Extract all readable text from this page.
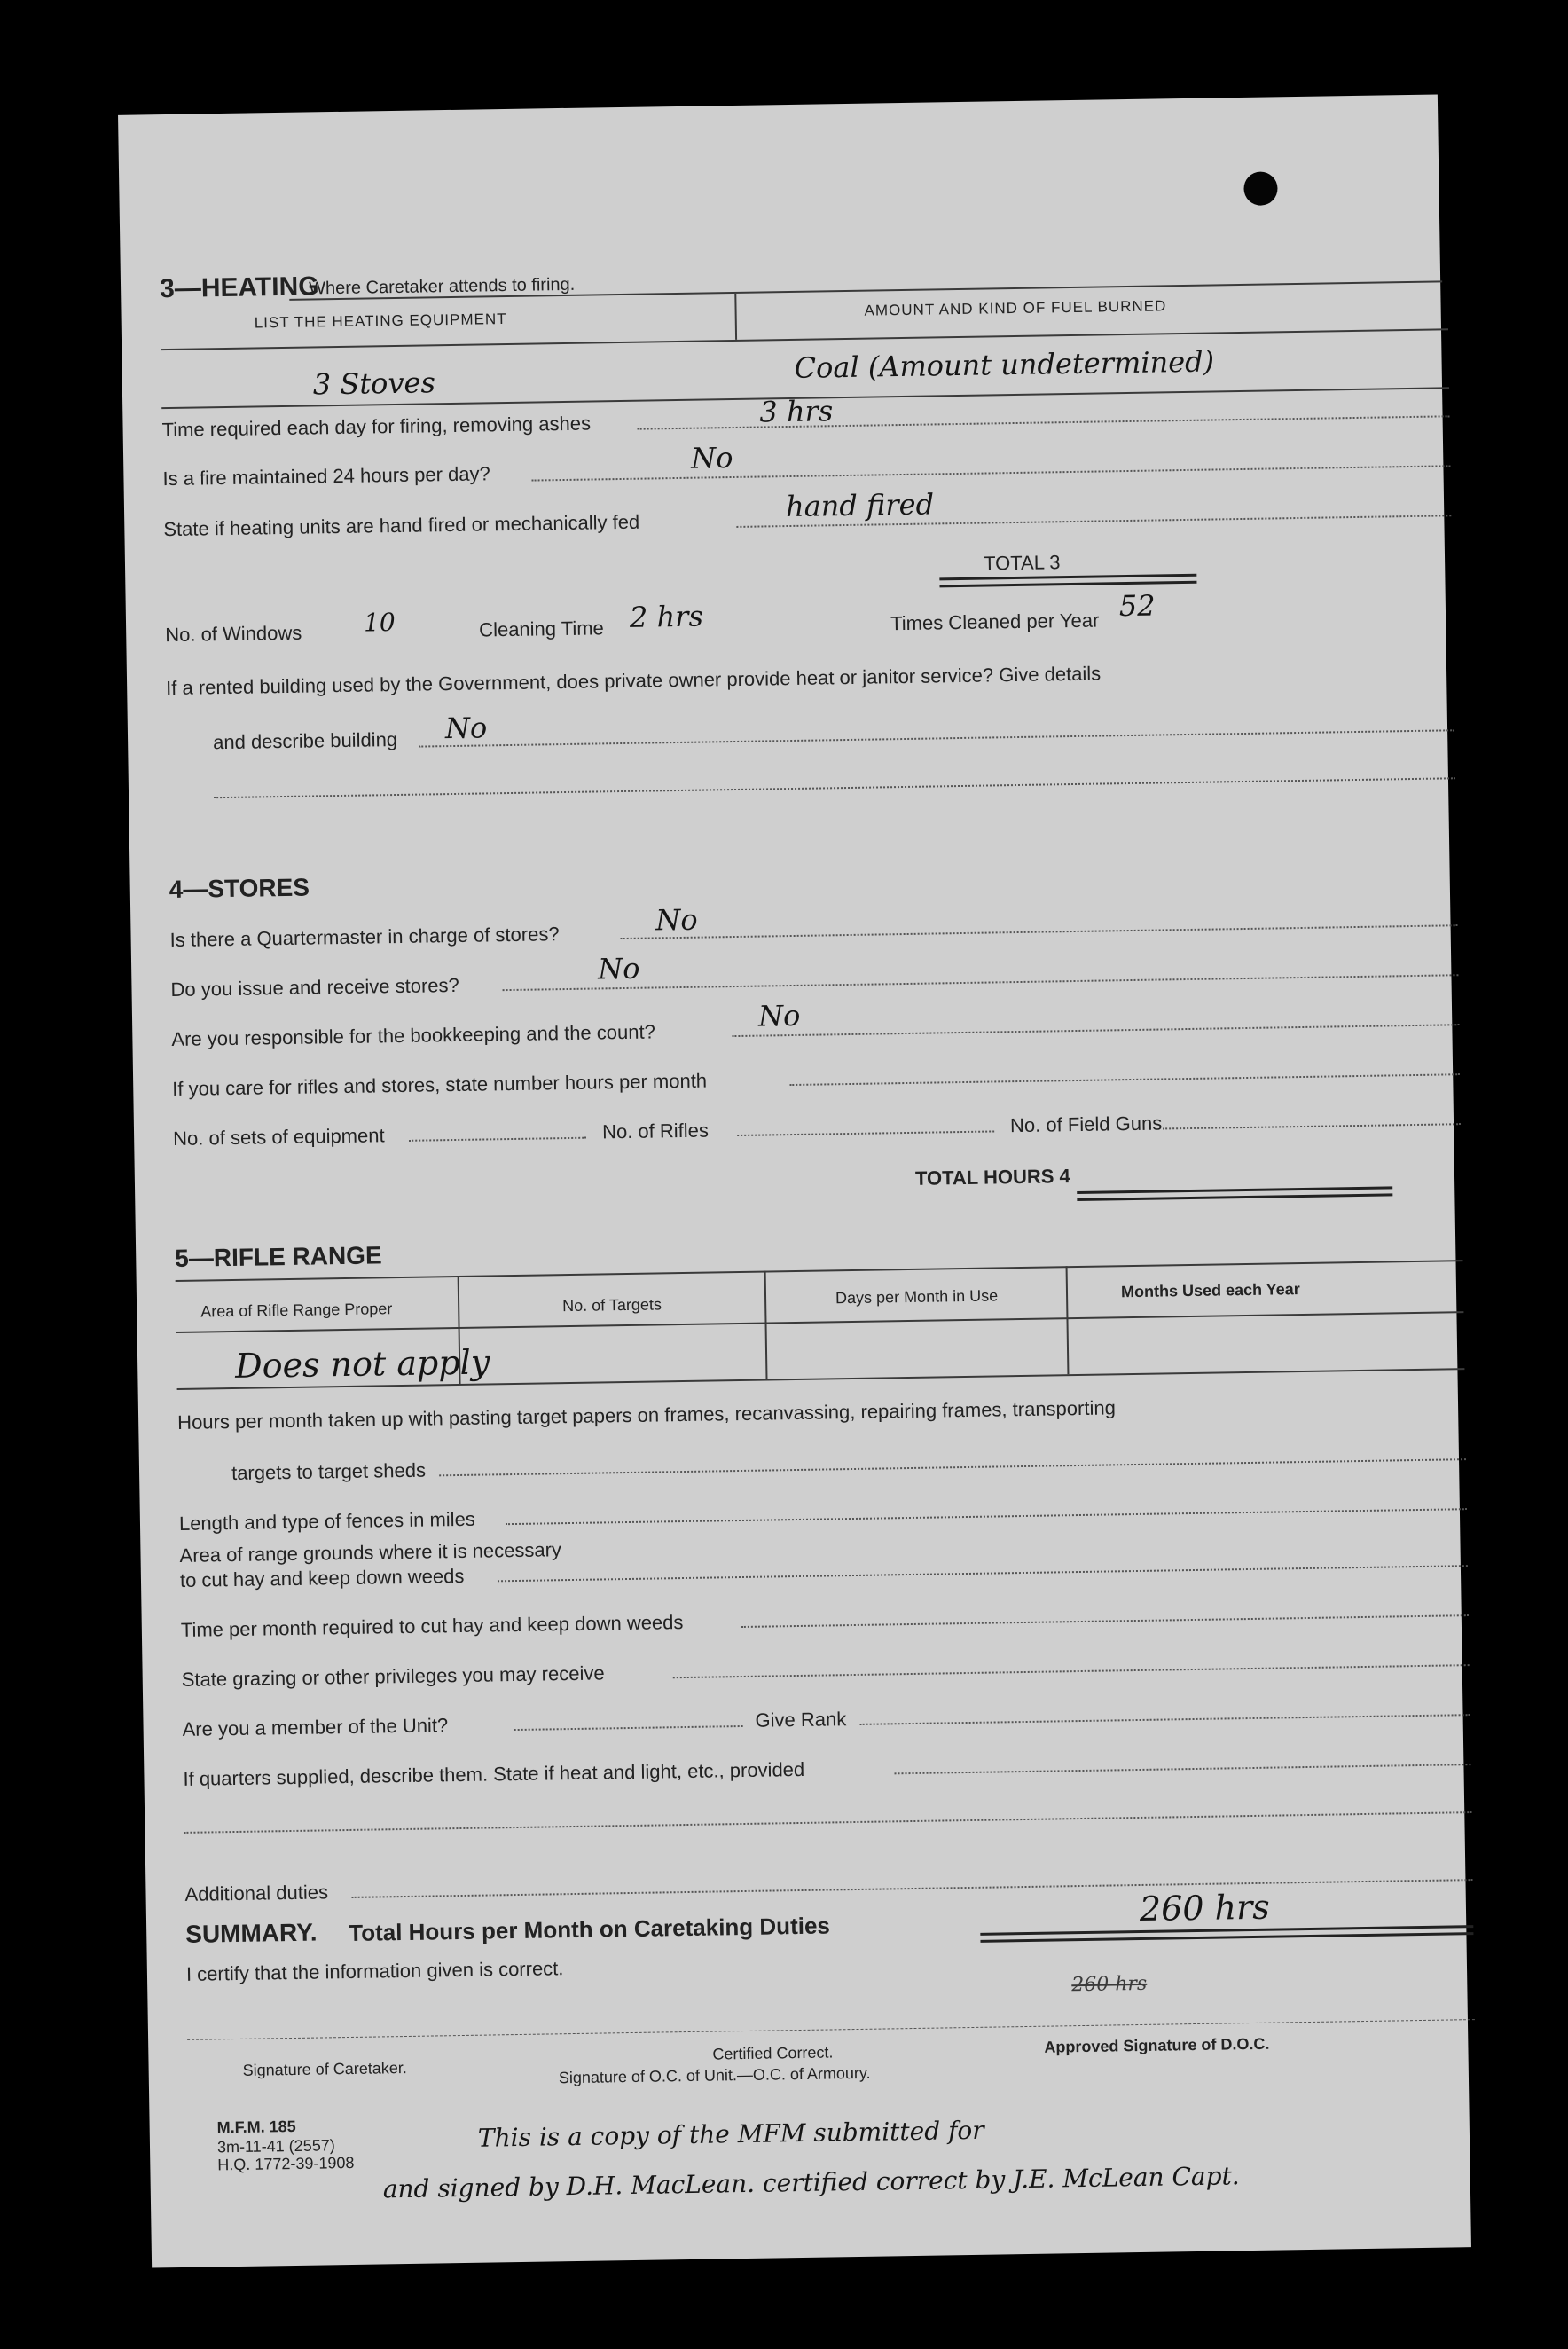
3—HEATING
Where Caretaker attends to firing.
LIST THE HEATING EQUIPMENT
AMOUNT AND KIND OF FUEL BURNED
3 Stoves	Coal (Amount undetermined)
Time required each day for firing, removing ashes	3 hrs
Is a fire maintained 24 hours per day?
No
State if heating units are hand fired or mechanically fed
hand fired
TOTAL 3
No. of Windows 10	Cleaning Time 2 hrs	Times Cleaned per Year 52
If a rented building used by the Government, does private owner provide heat or janitor service? Give details
and describe building No
4—STORES
Is there a Quartermaster in charge of stores?	No
Do you issue and receive stores?
No
Are you responsible for the bookkeeping and the count?
No
If you care for rifles and stores, state number hours per month
No. of sets of equipment	No. of Rifles	No. of Field Guns
TOTAL HOURS 4
5—RIFLE RANGE
Area of Rifle Range Proper	No. of Targets	Days per Month in Use	Months Used each Year
Does not apply
Hours per month taken up with pasting target papers on frames, recanvassing, repairing frames, transporting
targets to target sheds
Length and type of fences in miles
Area of range grounds where it is necessary
to cut hay and keep down weeds
Time per month required to cut hay and keep down weeds
State grazing or other privileges you may receive
Are you a member of the Unit?	Give Rank
If quarters supplied, describe them. State if heat and light, etc., provided
Additional duties
SUMMARY. Total Hours per Month on Caretaking Duties
260 hrs
I certify that the information given is correct.	260 hrs
Signature of Caretaker.
Certified Correct.
Signature of O.C. of Unit.—O.C. of Armoury.
Approved Signature of D.O.C.
M.F.M. 185
3m-11-41 (2557)
H.Q. 1772-39-1908
This is a copy of the MFM submitted for
and signed by D.H. MacLean. certified correct by J.E. McLean Capt.
